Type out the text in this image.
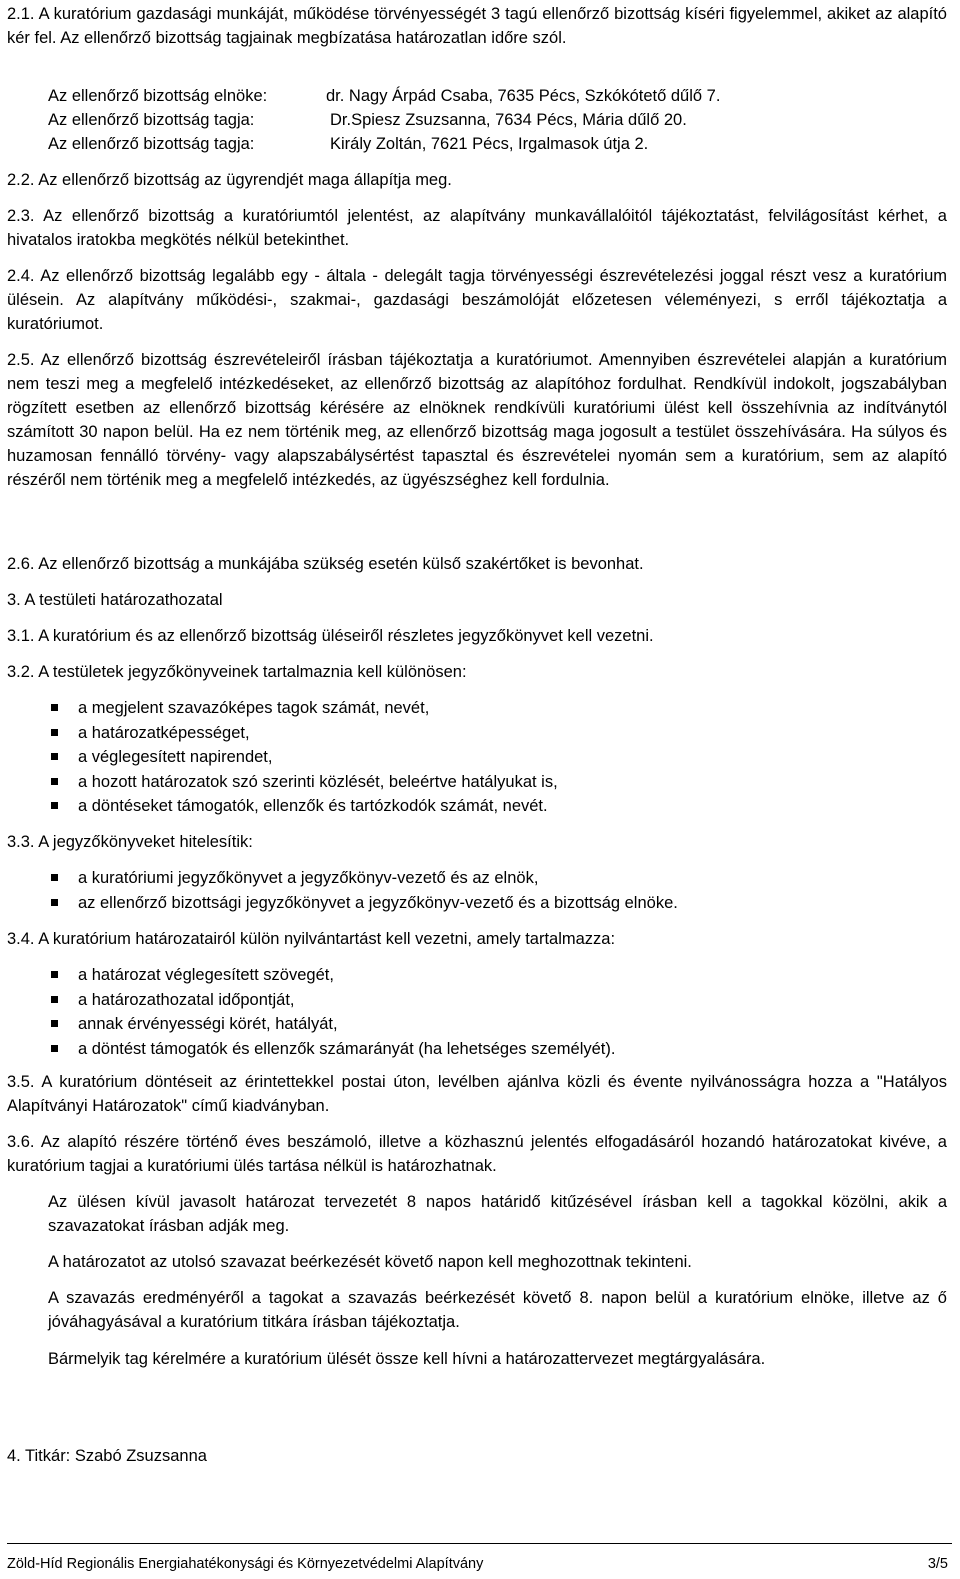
2.1. A kuratórium gazdasági munkáját, működése törvényességét 3 tagú ellenőrző bizottság kíséri figyelemmel, akiket az alapító kér fel. Az ellenőrző bizottság tagjainak megbízatása határozatlan időre szól.

Az ellenőrző bizottság elnöke:	dr. Nagy Árpád Csaba, 7635 Pécs, Szkókótető dűlő 7.

Az ellenőrző bizottság tagja:	Dr.Spiesz Zsuzsanna, 7634 Pécs, Mária dűlő 20.

Az ellenőrző bizottság tagja:	Király Zoltán, 7621 Pécs, Irgalmasok útja 2.

2.2. Az ellenőrző bizottság az ügyrendjét maga állapítja meg.

2.3. Az ellenőrző bizottság a kuratóriumtól jelentést, az alapítvány munkavállalóitól tájékoztatást, felvilágosítást kérhet, a hivatalos iratokba megkötés nélkül betekinthet.

2.4. Az ellenőrző bizottság legalább egy - általa - delegált tagja törvényességi észrevételezési joggal részt vesz a kuratórium ülésein. Az alapítvány működési-, szakmai-, gazdasági beszámolóját előzetesen véleményezi, s erről tájékoztatja a kuratóriumot.

2.5. Az ellenőrző bizottság észrevételeiről írásban tájékoztatja a kuratóriumot. Amennyiben észrevételei alapján a kuratórium nem teszi meg a megfelelő intézkedéseket, az ellenőrző bizottság az alapítóhoz fordulhat. Rendkívül indokolt, jogszabályban rögzített esetben az ellenőrző bizottság kérésére az elnöknek rendkívüli kuratóriumi ülést kell összehívnia az indítványtól számított 30 napon belül. Ha ez nem történik meg, az ellenőrző bizottság maga jogosult a testület összehívására. Ha súlyos és huzamosan fennálló törvény- vagy alapszabálysértést tapasztal és észrevételei nyomán sem a kuratórium, sem az alapító részéről nem történik meg a megfelelő intézkedés, az ügyészséghez kell fordulnia.

2.6. Az ellenőrző bizottság a munkájába szükség esetén külső szakértőket is bevonhat.

3. A testületi határozathozatal

3.1. A kuratórium és az ellenőrző bizottság üléseiről részletes jegyzőkönyvet kell vezetni.

3.2. A testületek jegyzőkönyveinek tartalmaznia kell különösen:

a megjelent szavazóképes tagok számát, nevét,
a határozatképességet,
a véglegesített napirendet,
a hozott határozatok szó szerinti közlését, beleértve hatályukat is,
a döntéseket támogatók, ellenzők és tartózkodók számát, nevét.

3.3. A jegyzőkönyveket hitelesítik:

a kuratóriumi jegyzőkönyvet a jegyzőkönyv-vezető és az elnök,
az ellenőrző bizottsági jegyzőkönyvet a jegyzőkönyv-vezető és a bizottság elnöke.

3.4. A kuratórium határozatairól külön nyilvántartást kell vezetni, amely tartalmazza:

a határozat véglegesített szövegét,
a határozathozatal időpontját,
annak érvényességi körét, hatályát,
a döntést támogatók és ellenzők számarányát (ha lehetséges személyét).

3.5. A kuratórium döntéseit az érintettekkel postai úton, levélben ajánlva közli és évente nyilvánosságra hozza a "Hatályos Alapítványi Határozatok" című kiadványban.

3.6. Az alapító részére történő éves beszámoló, illetve a közhasznú jelentés elfogadásáról hozandó határozatokat kivéve, a kuratórium tagjai a kuratóriumi ülés tartása nélkül is határozhatnak.

Az ülésen kívül javasolt határozat tervezetét 8 napos határidő kitűzésével írásban kell a tagokkal közölni, akik a szavazatokat írásban adják meg.

A határozatot az utolsó szavazat beérkezését követő napon kell meghozottnak tekinteni.

A szavazás eredményéről a tagokat a szavazás beérkezését követő 8. napon belül a kuratórium elnöke, illetve az ő jóváhagyásával a kuratórium titkára írásban tájékoztatja.

Bármelyik tag kérelmére a kuratórium ülését össze kell hívni a határozattervezet megtárgyalására.

4. Titkár: Szabó Zsuzsanna

Zöld-Híd Regionális Energiahatékonysági és Környezetvédelmi Alapítvány	3/5
